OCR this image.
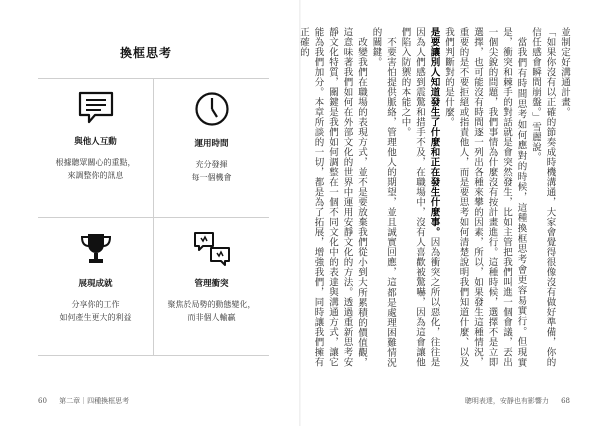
換框思考
與他人互動
根據聽眾關心的重點，
來調整你的訊息
運用時間
充分發揮
每一個機會
展現成就
分享你的工作
如何產生更大的利益
管理衝突
聚焦於局勢的動態變化，
而非個人輸贏
60 第二章｜四種換框思考

並制定好溝通計畫。

「如果你沒有以正確的節奏成時機溝通，大家會覺得很像沒有做好準備，你的信任感會瞬間崩盤。」雪麗說。

當我們有時間思考如何應對的時候，這種換框思考會更容易實行。但現實是，衝突和棘手的對話就是會突然發生，比如主管把我們叫進一個會議，丟出一個尖銳的問題，我們事情為什麼沒有按計畫進行。這種時候，選擇不是立即選擇，也可能沒有時間逐一列出各種來攀的因素，所以，如果發生這種情況，重要的是不要拒絕或指責他人，而是要思考如何清楚說明我們知道什麼、以及我們判斷對的是什麼。

是要讓別人知道發生了什麼和正在發生什麼事。因為衝突之所以惡化，往往是因為人們感到震驚和措手不及，在職場中，沒有人喜歡被驚嚇，因為這會讓他們陷入防禦的本能之中。

不要害怕提供脈絡，管理他人的期望，並且誠實回應，這都是處理困難情況的關鍵。

改變我們在職場的表現方式，並不是要放棄我們從小到大所累積的價值觀，這意味著我們如何在外部文化的世界中運用安靜文化的方法。透過重新思考安靜文化特質，關鍵是我們如何調整在一個不同文化中的表達與溝通方式，讓它能為我們加分。本章所談的一切，都是為了拓展，增強我們，同時讓我們擁有正確的

聰明表達，安靜也有影響力 68
